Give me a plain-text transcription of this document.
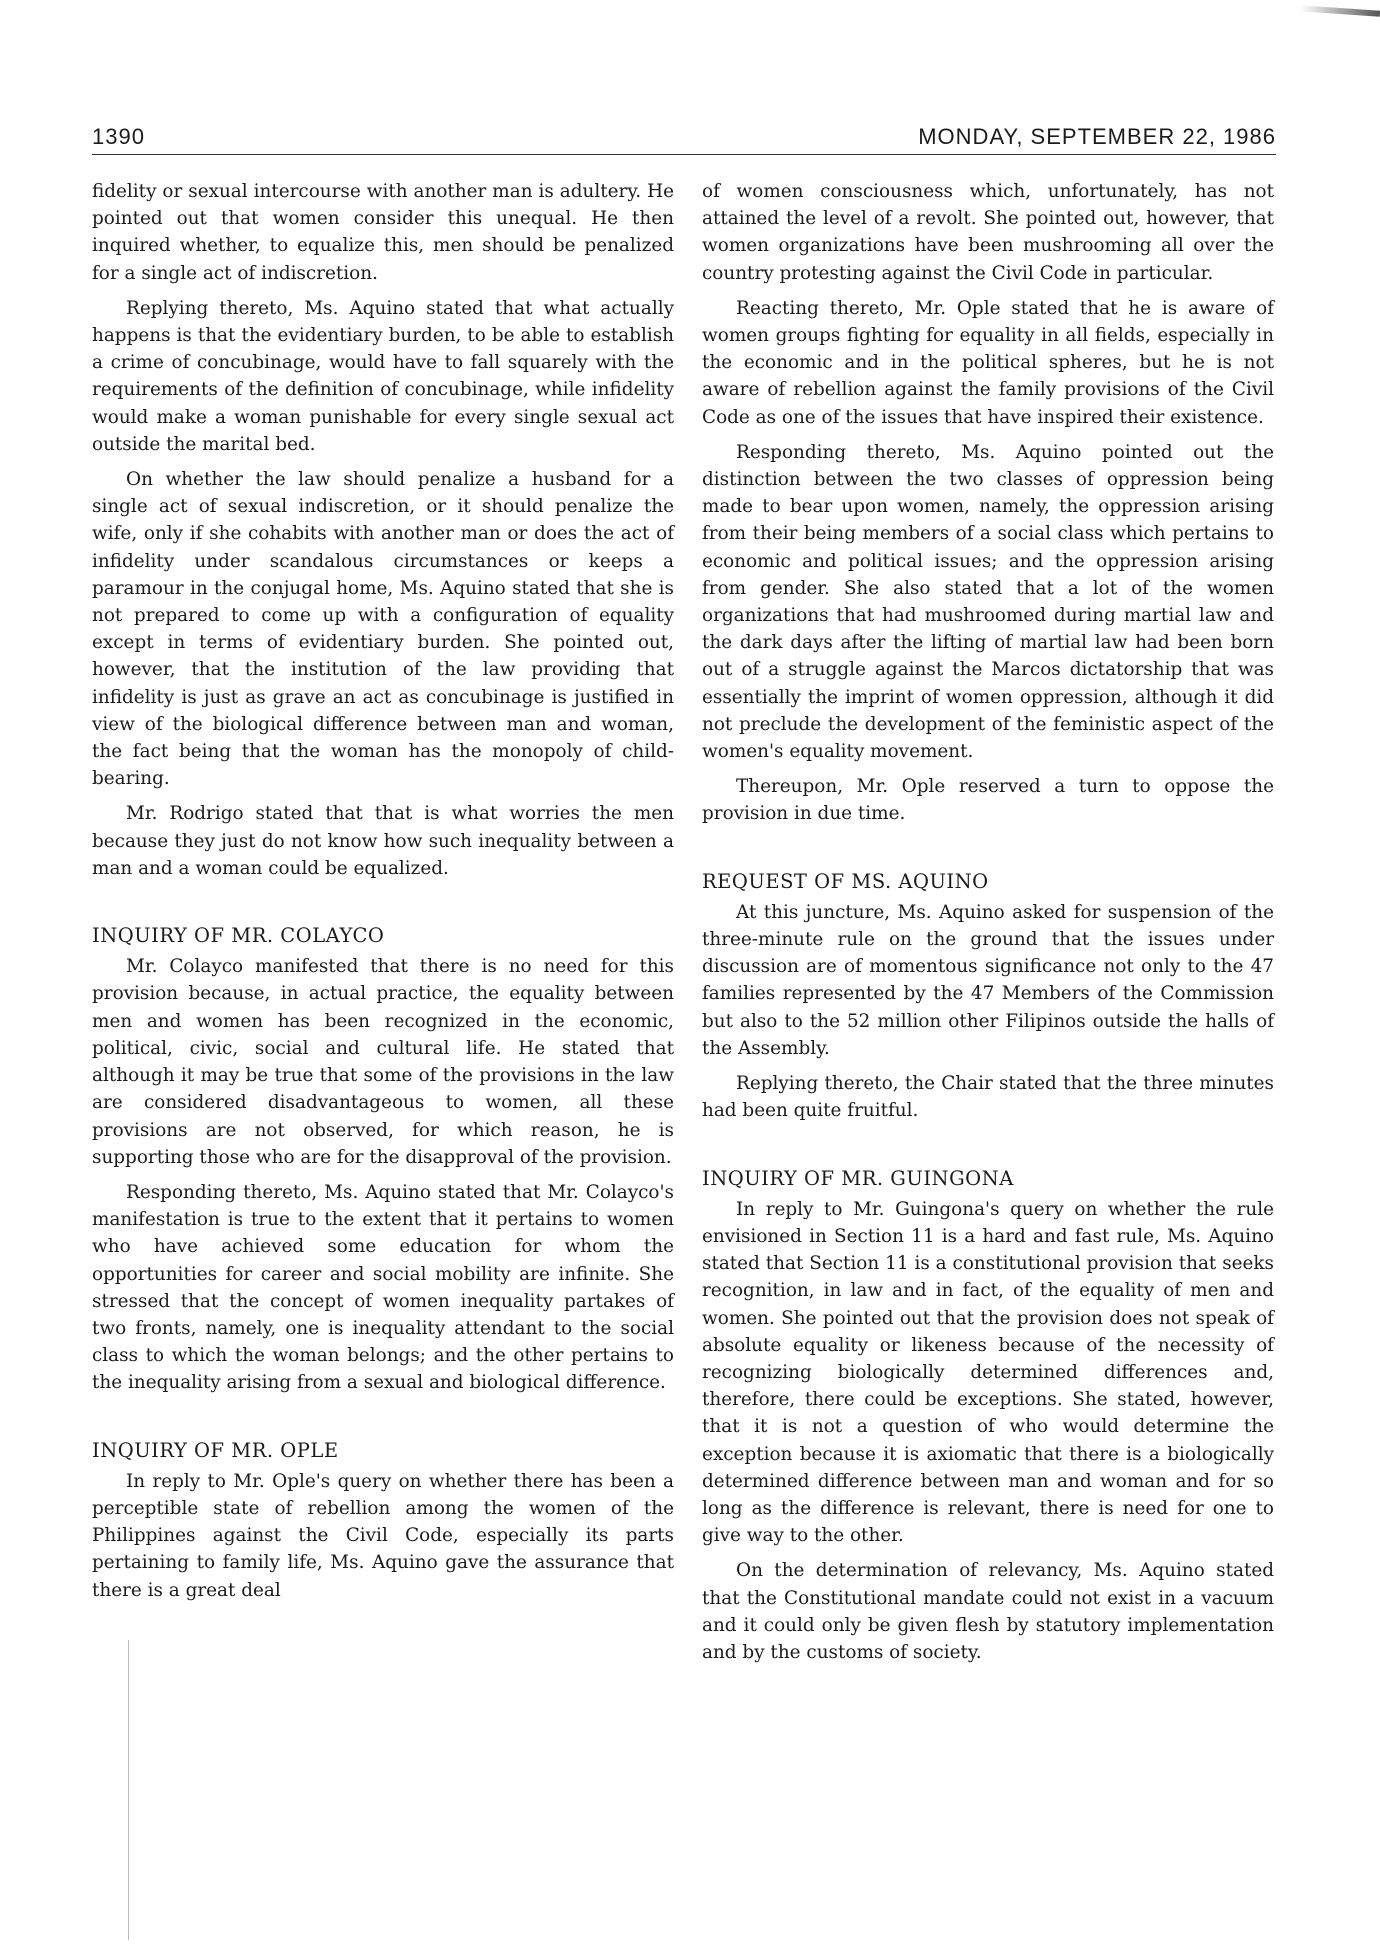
1390	MONDAY, SEPTEMBER 22, 1986

fidelity or sexual intercourse with another man is adultery. He pointed out that women consider this unequal. He then inquired whether, to equalize this, men should be penalized for a single act of indiscretion.

Replying thereto, Ms. Aquino stated that what actually happens is that the evidentiary burden, to be able to establish a crime of concubinage, would have to fall squarely with the requirements of the definition of concubinage, while infidelity would make a woman punishable for every single sexual act outside the marital bed.

On whether the law should penalize a husband for a single act of sexual indiscretion, or it should penalize the wife, only if she cohabits with another man or does the act of infidelity under scandalous circumstances or keeps a paramour in the conjugal home, Ms. Aquino stated that she is not prepared to come up with a configuration of equality except in terms of evidentiary burden. She pointed out, however, that the institution of the law providing that infidelity is just as grave an act as concubinage is justified in view of the biological difference between man and woman, the fact being that the woman has the monopoly of child-bearing.

Mr. Rodrigo stated that that is what worries the men because they just do not know how such inequality between a man and a woman could be equalized.

INQUIRY OF MR. COLAYCO

Mr. Colayco manifested that there is no need for this provision because, in actual practice, the equality between men and women has been recognized in the economic, political, civic, social and cultural life. He stated that although it may be true that some of the provisions in the law are considered disadvantageous to women, all these provisions are not observed, for which reason, he is supporting those who are for the disapproval of the provision.

Responding thereto, Ms. Aquino stated that Mr. Colayco's manifestation is true to the extent that it pertains to women who have achieved some education for whom the opportunities for career and social mobility are infinite. She stressed that the concept of women inequality partakes of two fronts, namely, one is inequality attendant to the social class to which the woman belongs; and the other pertains to the inequality arising from a sexual and biological difference.

INQUIRY OF MR. OPLE

In reply to Mr. Ople's query on whether there has been a perceptible state of rebellion among the women of the Philippines against the Civil Code, especially its parts pertaining to family life, Ms. Aquino gave the assurance that there is a great deal

of women consciousness which, unfortunately, has not attained the level of a revolt. She pointed out, however, that women organizations have been mushrooming all over the country protesting against the Civil Code in particular.

Reacting thereto, Mr. Ople stated that he is aware of women groups fighting for equality in all fields, especially in the economic and in the political spheres, but he is not aware of rebellion against the family provisions of the Civil Code as one of the issues that have inspired their existence.

Responding thereto, Ms. Aquino pointed out the distinction between the two classes of oppression being made to bear upon women, namely, the oppression arising from their being members of a social class which pertains to economic and political issues; and the oppression arising from gender. She also stated that a lot of the women organizations that had mushroomed during martial law and the dark days after the lifting of martial law had been born out of a struggle against the Marcos dictatorship that was essentially the imprint of women oppression, although it did not preclude the development of the feministic aspect of the women's equality movement.

Thereupon, Mr. Ople reserved a turn to oppose the provision in due time.

REQUEST OF MS. AQUINO

At this juncture, Ms. Aquino asked for suspension of the three-minute rule on the ground that the issues under discussion are of momentous significance not only to the 47 families represented by the 47 Members of the Commission but also to the 52 million other Filipinos outside the halls of the Assembly.

Replying thereto, the Chair stated that the three minutes had been quite fruitful.

INQUIRY OF MR. GUINGONA

In reply to Mr. Guingona's query on whether the rule envisioned in Section 11 is a hard and fast rule, Ms. Aquino stated that Section 11 is a constitutional provision that seeks recognition, in law and in fact, of the equality of men and women. She pointed out that the provision does not speak of absolute equality or likeness because of the necessity of recognizing biologically determined differences and, therefore, there could be exceptions. She stated, however, that it is not a question of who would determine the exception because it is axiomatic that there is a biologically determined difference between man and woman and for so long as the difference is relevant, there is need for one to give way to the other.

On the determination of relevancy, Ms. Aquino stated that the Constitutional mandate could not exist in a vacuum and it could only be given flesh by statutory implementation and by the customs of society.
